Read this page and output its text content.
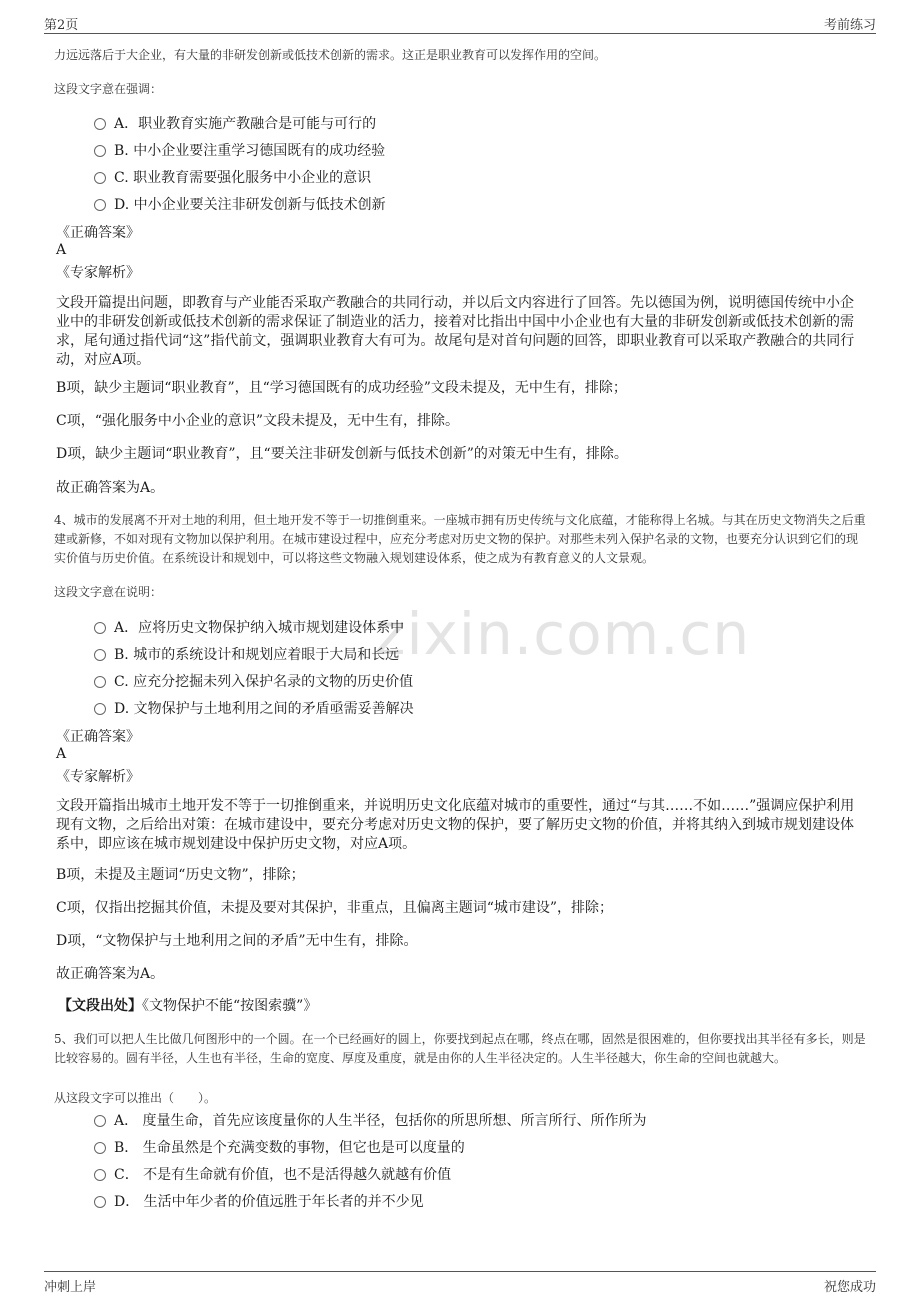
第2页	考前练习
zixin.com.cn
力远远落后于大企业，有大量的非研发创新或低技术创新的需求。这正是职业教育可以发挥作用的空间。
这段文字意在强调：
A．职业教育实施产教融合是可能与可行的
B. 中小企业要注重学习德国既有的成功经验
C. 职业教育需要强化服务中小企业的意识
D. 中小企业要关注非研发创新与低技术创新
《正确答案》
A
《专家解析》
文段开篇提出问题，即教育与产业能否采取产教融合的共同行动，并以后文内容进行了回答。先以德国为例，说明德国传统中小企业中的非研发创新或低技术创新的需求保证了制造业的活力，接着对比指出中国中小企业也有大量的非研发创新或低技术创新的需求，尾句通过指代词“这”指代前文，强调职业教育大有可为。故尾句是对首句问题的回答，即职业教育可以采取产教融合的共同行动，对应A项。
B项，缺少主题词“职业教育”，且“学习德国既有的成功经验”文段未提及，无中生有，排除；
C项，“强化服务中小企业的意识”文段未提及，无中生有，排除。
D项，缺少主题词“职业教育”，且“要关注非研发创新与低技术创新”的对策无中生有，排除。
故正确答案为A。
4、城市的发展离不开对土地的利用，但土地开发不等于一切推倒重来。一座城市拥有历史传统与文化底蕴，才能称得上名城。与其在历史文物消失之后重建或新修，不如对现有文物加以保护利用。在城市建设过程中，应充分考虑对历史文物的保护。对那些未列入保护名录的文物，也要充分认识到它们的现实价值与历史价值。在系统设计和规划中，可以将这些文物融入规划建设体系，使之成为有教育意义的人文景观。
这段文字意在说明：
A．应将历史文物保护纳入城市规划建设体系中
B. 城市的系统设计和规划应着眼于大局和长远
C. 应充分挖掘未列入保护名录的文物的历史价值
D. 文物保护与土地利用之间的矛盾亟需妥善解决
《正确答案》
A
《专家解析》
文段开篇指出城市土地开发不等于一切推倒重来，并说明历史文化底蕴对城市的重要性，通过“与其……不如……”强调应保护利用现有文物，之后给出对策：在城市建设中，要充分考虑对历史文物的保护，要了解历史文物的价值，并将其纳入到城市规划建设体系中，即应该在城市规划建设中保护历史文物，对应A项。
B项，未提及主题词“历史文物”，排除；
C项，仅指出挖掘其价值，未提及要对其保护，非重点，且偏离主题词“城市建设”，排除；
D项，“文物保护与土地利用之间的矛盾”无中生有，排除。
故正确答案为A。
【文段出处】《文物保护不能“按图索骥”》
5、我们可以把人生比做几何图形中的一个圆。在一个已经画好的圆上，你要找到起点在哪，终点在哪，固然是很困难的，但你要找出其半径有多长，则是比较容易的。圆有半径，人生也有半径，生命的宽度、厚度及重度，就是由你的人生半径决定的。人生半径越大，你生命的空间也就越大。
从这段文字可以推出（　　）。
A． 度量生命，首先应该度量你的人生半径，包括你的所思所想、所言所行、所作所为
B． 生命虽然是个充满变数的事物，但它也是可以度量的
C． 不是有生命就有价值，也不是活得越久就越有价值
D． 生活中年少者的价值远胜于年长者的并不少见
冲刺上岸	祝您成功
